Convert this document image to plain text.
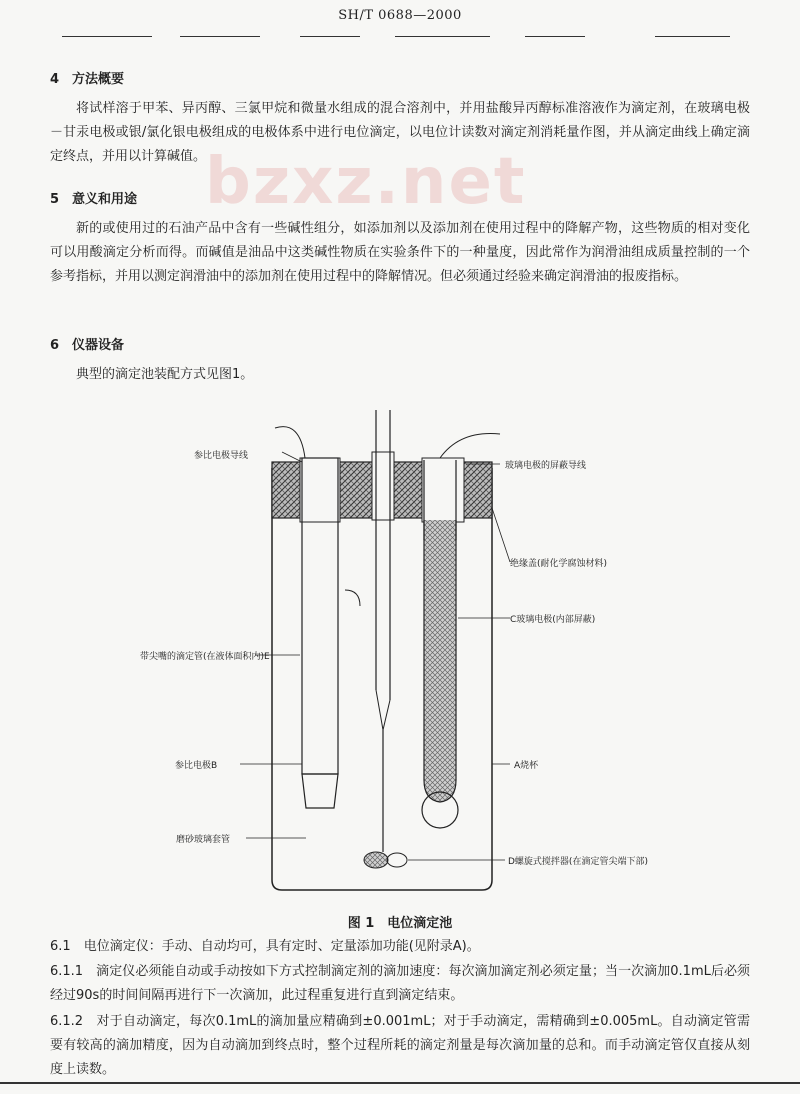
SH/T 0688—2000
bzxz.net
4　方法概要
将试样溶于甲苯、异丙醇、三氯甲烷和微量水组成的混合溶剂中，并用盐酸异丙醇标准溶液作为滴定剂，在玻璃电极－甘汞电极或银/氯化银电极组成的电极体系中进行电位滴定，以电位计读数对滴定剂消耗量作图，并从滴定曲线上确定滴定终点，并用以计算碱值。
5　意义和用途
新的或使用过的石油产品中含有一些碱性组分，如添加剂以及添加剂在使用过程中的降解产物，这些物质的相对变化可以用酸滴定分析而得。而碱值是油品中这类碱性物质在实验条件下的一种量度，因此常作为润滑油组成质量控制的一个参考指标，并用以测定润滑油中的添加剂在使用过程中的降解情况。但必须通过经验来确定润滑油的报废指标。
6　仪器设备
典型的滴定池装配方式见图1。
参比电极导线
玻璃电极的屏蔽导线
绝缘盖(耐化学腐蚀材料)
C玻璃电极(内部屏蔽)
带尖嘴的滴定管(在液体面积内)E
参比电极B	A烧杯
磨砂玻璃套管
D螺旋式搅拌器(在滴定管尖端下部)
图 1　电位滴定池
6.1　电位滴定仪：手动、自动均可，具有定时、定量添加功能(见附录A)。
6.1.1　滴定仪必须能自动或手动按如下方式控制滴定剂的滴加速度：每次滴加滴定剂必须定量；当一次滴加0.1mL后必须经过90s的时间间隔再进行下一次滴加，此过程重复进行直到滴定结束。
6.1.2　对于自动滴定，每次0.1mL的滴加量应精确到±0.001mL；对于手动滴定，需精确到±0.005mL。自动滴定管需要有较高的滴加精度，因为自动滴加到终点时，整个过程所耗的滴定剂量是每次滴加量的总和。而手动滴定管仅直接从刻度上读数。
